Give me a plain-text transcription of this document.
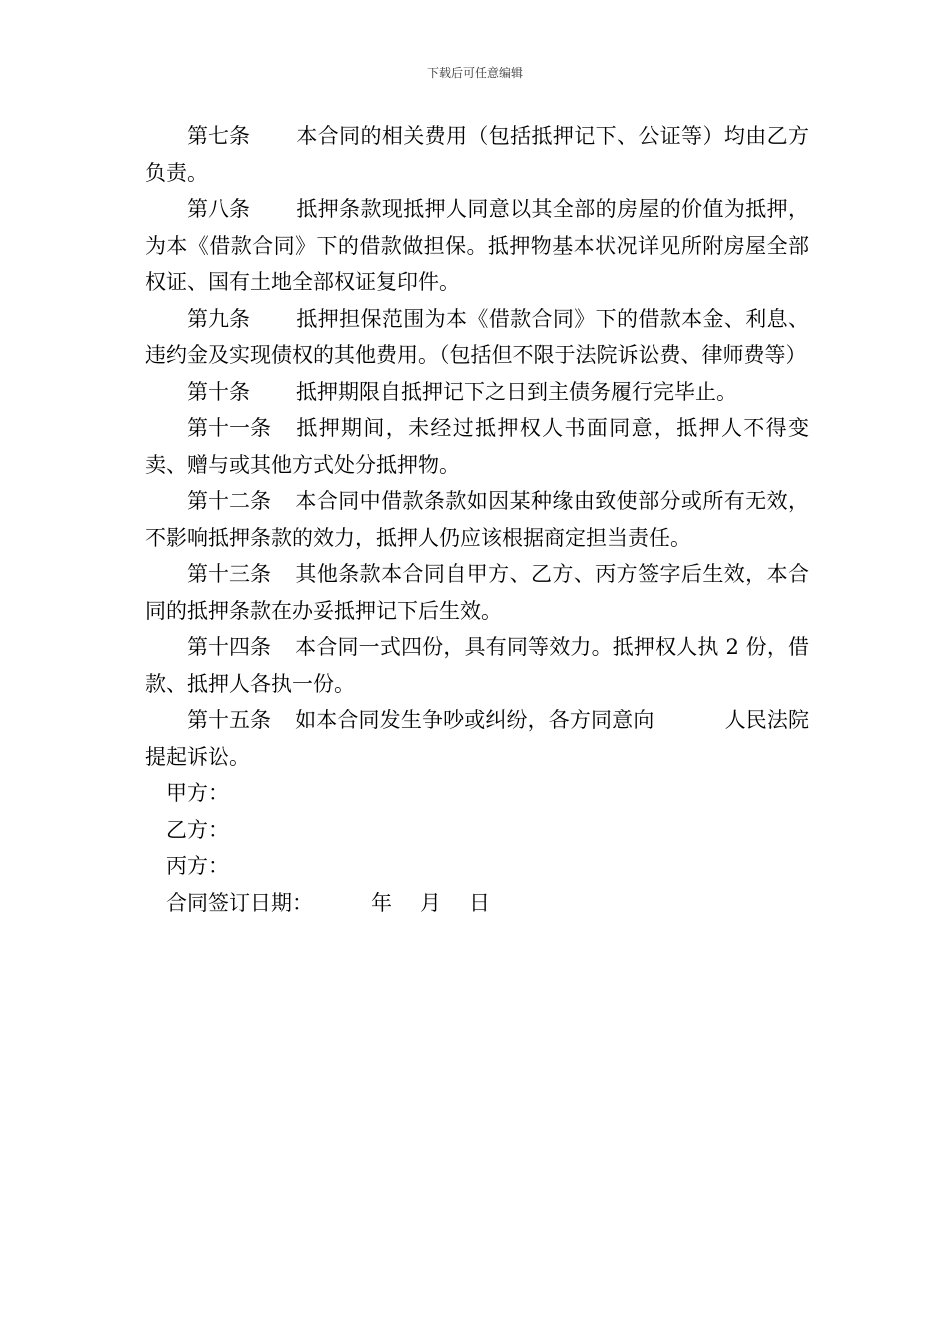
下载后可任意编辑

第七条 本合同的相关费用（包括抵押记下、公证等）均由乙方负责。

第八条 抵押条款现抵押人同意以其全部的房屋的价值为抵押，为本《借款合同》下的借款做担保。抵押物基本状况详见所附房屋全部权证、国有土地全部权证复印件。

第九条 抵押担保范围为本《借款合同》下的借款本金、利息、违约金及实现债权的其他费用。（包括但不限于法院诉讼费、律师费等）

第十条 抵押期限自抵押记下之日到主债务履行完毕止。

第十一条 抵押期间，未经过抵押权人书面同意，抵押人不得变卖、赠与或其他方式处分抵押物。

第十二条 本合同中借款条款如因某种缘由致使部分或所有无效，不影响抵押条款的效力，抵押人仍应该根据商定担当责任。

第十三条 其他条款本合同自甲方、乙方、丙方签字后生效，本合同的抵押条款在办妥抵押记下后生效。

第十四条 本合同一式四份，具有同等效力。抵押权人执 2 份，借款、抵押人各执一份。

第十五条 如本合同发生争吵或纠纷，各方同意向	人民法院提起诉讼。

甲方：

乙方：

丙方：

合同签订日期：	年 月 日
